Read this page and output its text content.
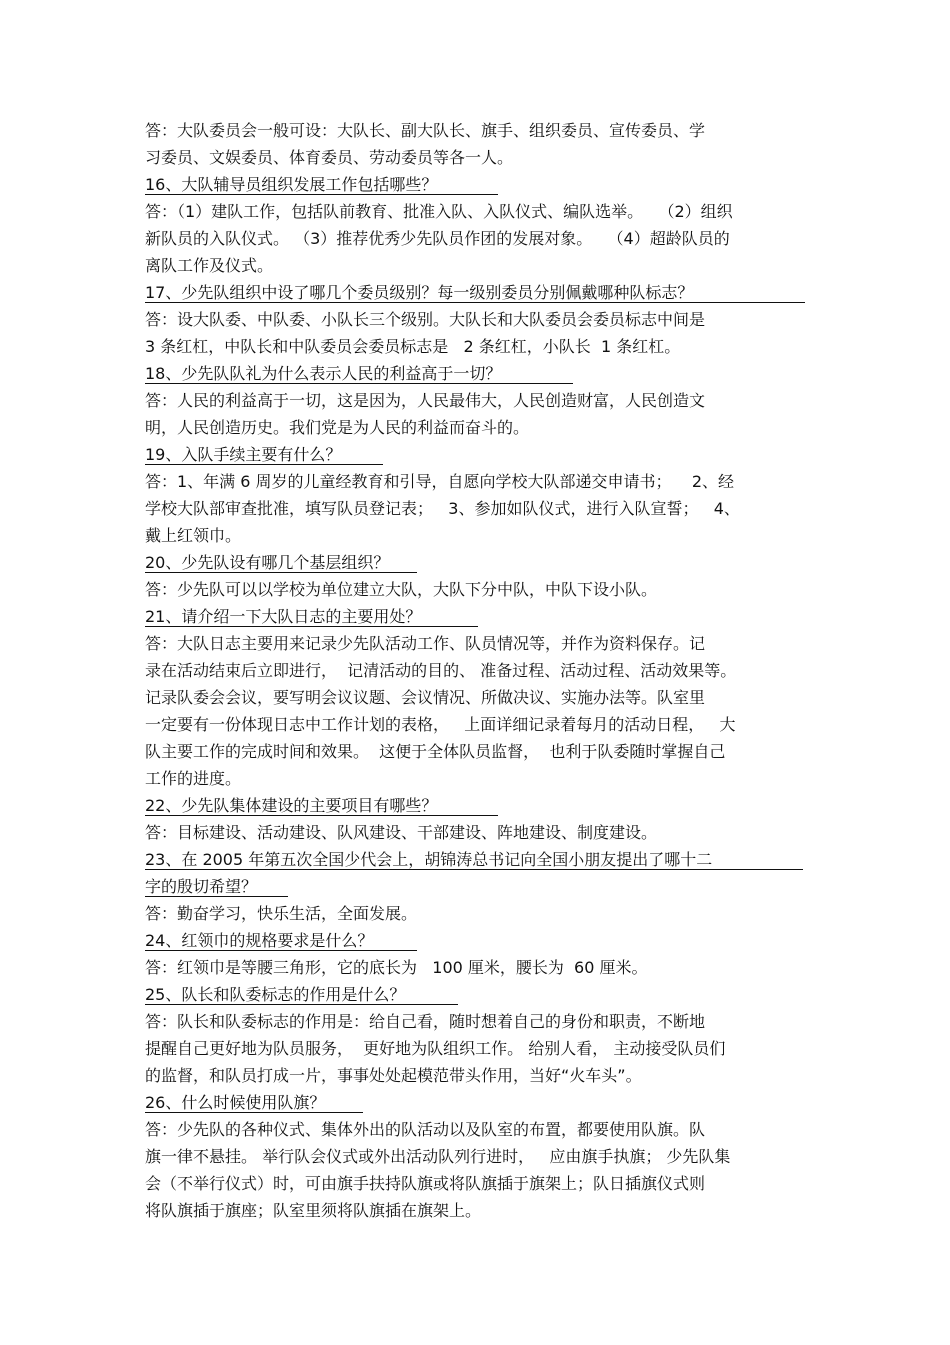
答：大队委员会一般可设：大队长、副大队长、旗手、组织委员、宣传委员、学
习委员、文娱委员、体育委员、劳动委员等各一人。
16、大队辅导员组织发展工作包括哪些？
答：（1）建队工作，包括队前教育、批准入队、入队仪式、编队选举。   （2）组织
新队员的入队仪式。 （3）推荐优秀少先队员作团的发展对象。   （4）超龄队员的
离队工作及仪式。
17、少先队组织中设了哪几个委员级别？每一级别委员分别佩戴哪种队标志？
答：设大队委、中队委、小队长三个级别。大队长和大队委员会委员标志中间是
3 条红杠，中队长和中队委员会委员标志是   2 条红杠，小队长  1 条红杠。
18、少先队队礼为什么表示人民的利益高于一切？
答：人民的利益高于一切，这是因为，人民最伟大，人民创造财富，人民创造文
明，人民创造历史。我们党是为人民的利益而奋斗的。
19、入队手续主要有什么？
答：1、年满 6 周岁的儿童经教育和引导，自愿向学校大队部递交申请书；    2、经
学校大队部审查批准，填写队员登记表；   3、参加如队仪式，进行入队宣誓；   4、
戴上红领巾。
20、少先队设有哪几个基层组织？
答：少先队可以以学校为单位建立大队，大队下分中队，中队下设小队。
21、请介绍一下大队日志的主要用处？
答：大队日志主要用来记录少先队活动工作、队员情况等，并作为资料保存。记
录在活动结束后立即进行，  记清活动的目的、 准备过程、活动过程、活动效果等。
记录队委会会议，要写明会议议题、会议情况、所做决议、实施办法等。队室里
一定要有一份体现日志中工作计划的表格，   上面详细记录着每月的活动日程，   大
队主要工作的完成时间和效果。  这便于全体队员监督，  也利于队委随时掌握自己
工作的进度。
22、少先队集体建设的主要项目有哪些？
答：目标建设、活动建设、队风建设、干部建设、阵地建设、制度建设。
23、在 2005 年第五次全国少代会上，胡锦涛总书记向全国小朋友提出了哪十二
字的殷切希望？
答：勤奋学习，快乐生活，全面发展。
24、红领巾的规格要求是什么？
答：红领巾是等腰三角形，它的底长为   100 厘米，腰长为  60 厘米。
25、队长和队委标志的作用是什么？
答：队长和队委标志的作用是：给自己看，随时想着自己的身份和职责，不断地
提醒自己更好地为队员服务，  更好地为队组织工作。 给别人看， 主动接受队员们
的监督，和队员打成一片，事事处处起模范带头作用，当好“火车头”。
26、什么时候使用队旗？
答：少先队的各种仪式、集体外出的队活动以及队室的布置，都要使用队旗。队
旗一律不悬挂。 举行队会仪式或外出活动队列行进时，   应由旗手执旗； 少先队集
会（不举行仪式）时，可由旗手扶持队旗或将队旗插于旗架上；队日插旗仪式则
将队旗插于旗座；队室里须将队旗插在旗架上。
